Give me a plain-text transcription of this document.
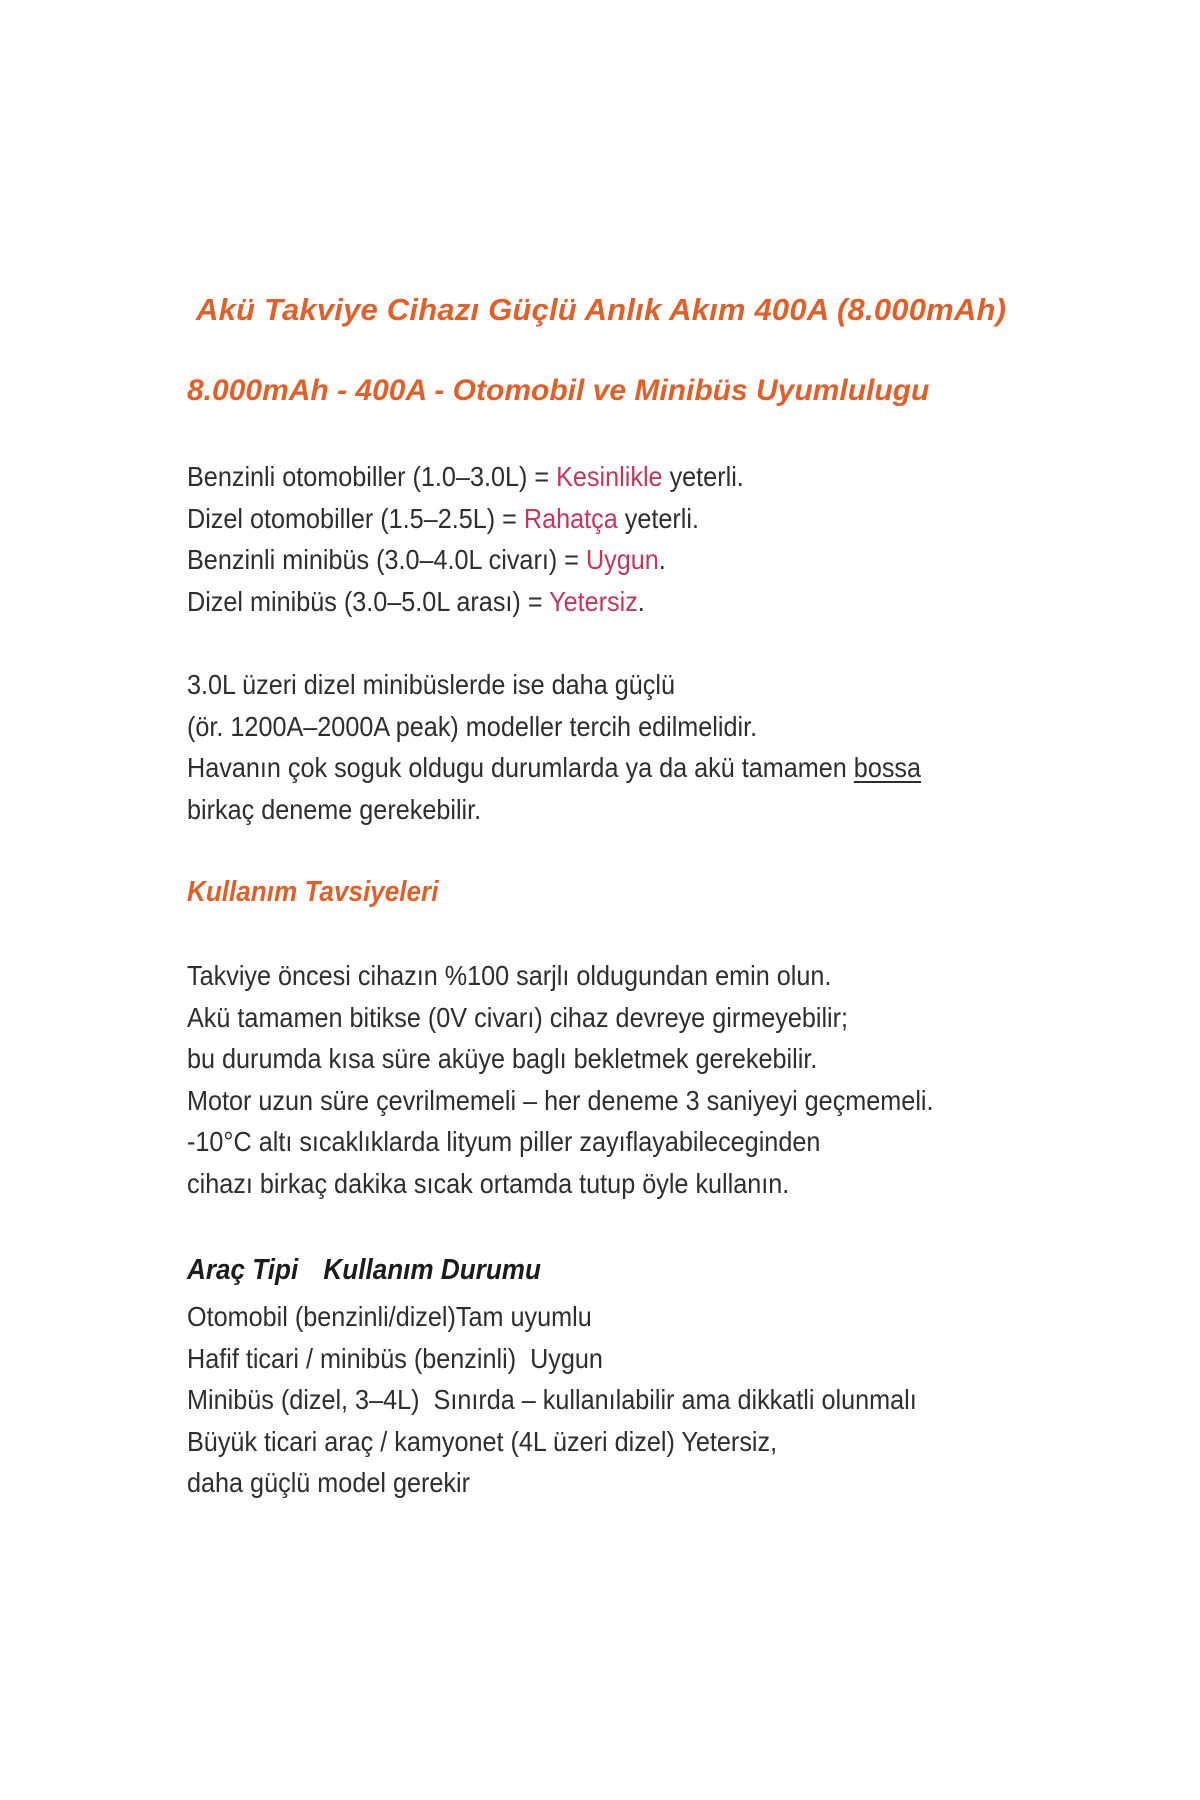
Akü Takviye Cihazı Güçlü Anlık Akım 400A (8.000mAh)
8.000mAh - 400A - Otomobil ve Minibüs Uyumlulugu
Benzinli otomobiller (1.0–3.0L) = Kesinlikle yeterli.
Dizel otomobiller (1.5–2.5L) = Rahatça yeterli.
Benzinli minibüs (3.0–4.0L civarı) = Uygun.
Dizel minibüs (3.0–5.0L arası) = Yetersiz.
3.0L üzeri dizel minibüslerde ise daha güçlü
(ör. 1200A–2000A peak) modeller tercih edilmelidir.
Havanın çok soguk oldugu durumlarda ya da akü tamamen bossa
birkaç deneme gerekebilir.
Kullanım Tavsiyeleri
Takviye öncesi cihazın %100 sarjlı oldugundan emin olun.
Akü tamamen bitikse (0V civarı) cihaz devreye girmeyebilir;
bu durumda kısa süre aküye baglı bekletmek gerekebilir.
Motor uzun süre çevrilmemeli – her deneme 3 saniyeyi geçmemeli.
-10°C altı sıcaklıklarda lityum piller zayıflayabileceginden
cihazı birkaç dakika sıcak ortamda tutup öyle kullanın.
Araç Tipi Kullanım Durumu
Otomobil (benzinli/dizel)Tam uyumlu
Hafif ticari / minibüs (benzinli)  Uygun
Minibüs (dizel, 3–4L)  Sınırda – kullanılabilir ama dikkatli olunmalı
Büyük ticari araç / kamyonet (4L üzeri dizel) Yetersiz,
daha güçlü model gerekir
